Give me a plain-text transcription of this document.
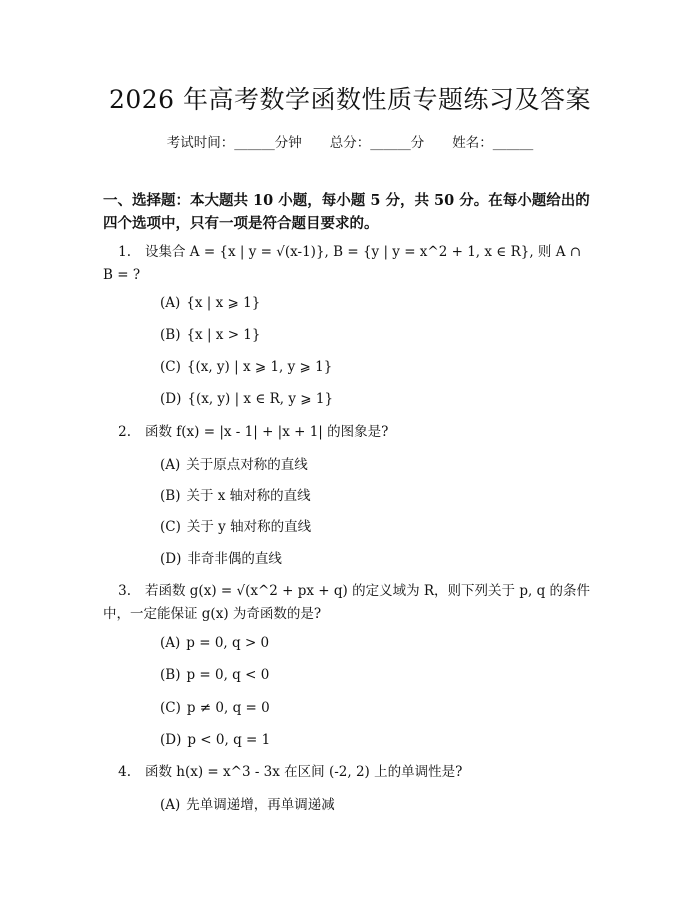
2026 年高考数学函数性质专题练习及答案
考试时间：______分钟 总分：______分 姓名：______

一、选择题：本大题共 10 小题，每小题 5 分，共 50 分。在每小题给出的四个选项中，只有一项是符合题目要求的。

1. 设集合 A = {x | y = √(x-1)}, B = {y | y = x^2 + 1, x ∈ R}, 则 A ∩ B = ?
(A) {x | x ⩾ 1}
(B) {x | x > 1}
(C) {(x, y) | x ⩾ 1, y ⩾ 1}
(D) {(x, y) | x ∈ R, y ⩾ 1}
2. 函数 f(x) = |x - 1| + |x + 1| 的图象是?
(A) 关于原点对称的直线
(B) 关于 x 轴对称的直线
(C) 关于 y 轴对称的直线
(D) 非奇非偶的直线
3. 若函数 g(x) = √(x^2 + px + q) 的定义域为 R，则下列关于 p, q 的条件中，一定能保证 g(x) 为奇函数的是?
(A) p = 0, q > 0
(B) p = 0, q < 0
(C) p ≠ 0, q = 0
(D) p < 0, q = 1
4. 函数 h(x) = x^3 - 3x 在区间 (-2, 2) 上的单调性是?
(A) 先单调递增，再单调递减
